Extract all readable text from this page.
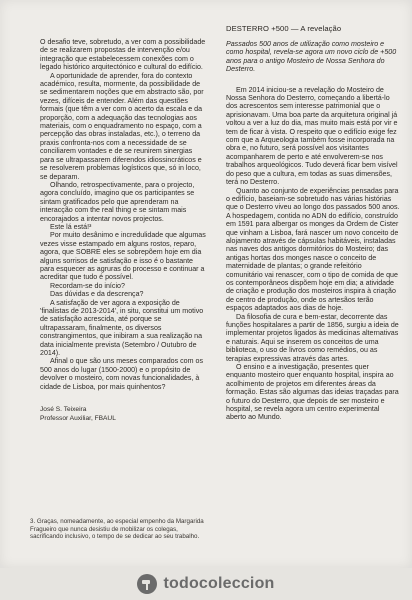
O desafio teve, sobretudo, a ver com a possibilidade de se realizarem propostas de intervenção e/ou integração que estabelecessem conexões com o legado histórico arquitectónico e cultural do edifício.

A oportunidade de aprender, fora do contexto académico, resulta, mormente, da possibilidade de se sedimentarem noções que em abstracto são, por vezes, difíceis de entender. Além das questões formais (que têm a ver com o acerto da escala e da proporção, com a adequação das tecnologias aos materiais, com o enquadramento no espaço, com a percepção das obras instaladas, etc.), o terreno da praxis confronta-nos com a necessidade de se conciliarem vontades e de se reunirem sinergias para se ultrapassarem diferendos idiossincráticos e se resolverem problemas logísticos que, só in loco, se deparam.

Olhando, retrospectivamente, para o projecto, agora concluído, imagino que os participantes se sintam gratificados pelo que aprenderam na interacção com the real thing e se sintam mais encorajados a intentar novos projectos.

Este lá está!³

Por muito desânimo e incredulidade que algumas vezes visse estampado em alguns rostos, reparo, agora, que SOBRE eles se sobrepõem hoje em dia alguns sorrisos de satisfação e isso é o bastante para esquecer as agruras do processo e continuar a acreditar que tudo é possível.

Recordam-se do início?

Das dúvidas e da descrença?

A satisfação de ver agora a exposição de 'finalistas de 2013-2014', in situ, constitui um motivo de satisfação acrescida, até porque se ultrapassaram, finalmente, os diversos constrangimentos, que inibiram a sua realização na data inicialmente prevista (Setembro / Outubro de 2014).

Afinal o que são uns meses comparados com os 500 anos do lugar (1500-2000) e o propósito de devolver o mosteiro, com novas funcionalidades, à cidade de Lisboa, por mais quinhentos?

José S. Teixeira

Professor Auxiliar, FBAUL

3. Graças, nomeadamente, ao especial empenho da Margarida Fragueiro que nunca desistiu de mobilizar os colegas, sacrificando inclusivo, o tempo de se dedicar ao seu trabalho.
DESTERRO +500 — A revelação

Passados 500 anos de utilização como mosteiro e como hospital, revela-se agora um novo ciclo de +500 anos para o antigo Mosteiro de Nossa Senhora do Desterro.

Em 2014 iniciou-se a revelação do Mosteiro de Nossa Senhora do Desterro, começando a libertá-lo dos acrescentos sem interesse patrimonial que o aprisionavam. Uma boa parte da arquitetura original já voltou a ver a luz do dia, mas muito mais está por vir e tem de ficar à vista. O respeito que o edifício exige fez com que a Arqueologia também fosse incorporada na obra e, no futuro, será possível aos visitantes acompanharem de perto e até envolverem-se nos trabalhos arqueológicos. Tudo deverá ficar bem visível do peso que a cultura, em todas as suas dimensões, terá no Desterro.

Quanto ao conjunto de experiências pensadas para o edifício, baseiam-se sobretudo nas várias histórias que o Desterro viveu ao longo dos passados 500 anos. A hospedagem, contida no ADN do edifício, construído em 1591 para albergar os monges da Ordem de Cister que vinham a Lisboa, fará nascer um novo conceito de alojamento através de cápsulas habitáveis, instaladas nas naves dos antigos dormitórios do Mosteiro; das antigas hortas dos monges nasce o conceito de maternidade de plantas; o grande refeitório comunitário vai renascer, com o tipo de comida de que os contemporâneos dispõem hoje em dia; a atividade de criação e produção dos mosteiros inspira à criação de centro de produção, onde os artesãos terão espaços adaptados aos dias de hoje.

Da filosofia de cura e bem-estar, decorrente das funções hospitalares a partir de 1856, surgiu a ideia de implementar projetos ligados às medicinas alternativas e naturais. Aqui se inserem os conceitos de uma biblioteca, o uso de livros como remédios, ou as terapias expressivas através das artes.

O ensino e a investigação, presentes quer enquanto mosteiro quer enquanto hospital, inspira ao acolhimento de projetos em diferentes áreas da formação. Estas são algumas das ideias traçadas para o futuro do Desterro, que depois de ser mosteiro e hospital, se revela agora um centro experimental aberto ao Mundo.

todocoleccion
